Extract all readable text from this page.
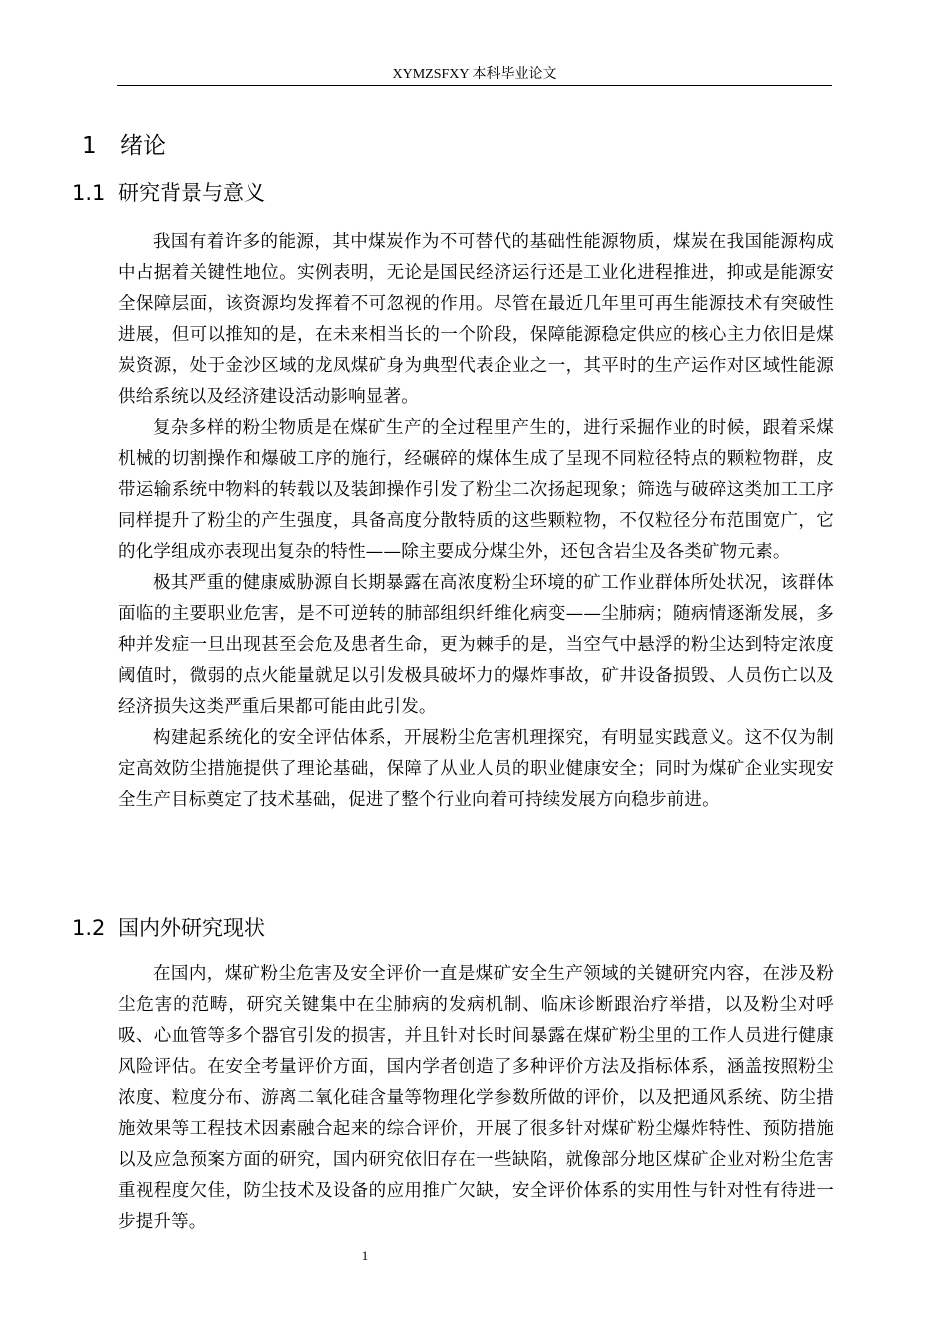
XYMZSFXY 本科毕业论文
1 绪论
1.1 研究背景与意义

我国有着许多的能源，其中煤炭作为不可替代的基础性能源物质，煤炭在我国能源构成中占据着关键性地位。实例表明，无论是国民经济运行还是工业化进程推进，抑或是能源安全保障层面，该资源均发挥着不可忽视的作用。尽管在最近几年里可再生能源技术有突破性进展，但可以推知的是，在未来相当长的一个阶段，保障能源稳定供应的核心主力依旧是煤炭资源，处于金沙区域的龙凤煤矿身为典型代表企业之一，其平时的生产运作对区域性能源供给系统以及经济建设活动影响显著。

复杂多样的粉尘物质是在煤矿生产的全过程里产生的，进行采掘作业的时候，跟着采煤机械的切割操作和爆破工序的施行，经碾碎的煤体生成了呈现不同粒径特点的颗粒物群，皮带运输系统中物料的转载以及装卸操作引发了粉尘二次扬起现象；筛选与破碎这类加工工序同样提升了粉尘的产生强度，具备高度分散特质的这些颗粒物，不仅粒径分布范围宽广，它的化学组成亦表现出复杂的特性——除主要成分煤尘外，还包含岩尘及各类矿物元素。

极其严重的健康威胁源自长期暴露在高浓度粉尘环境的矿工作业群体所处状况，该群体面临的主要职业危害，是不可逆转的肺部组织纤维化病变——尘肺病；随病情逐渐发展，多种并发症一旦出现甚至会危及患者生命，更为棘手的是，当空气中悬浮的粉尘达到特定浓度阈值时，微弱的点火能量就足以引发极具破坏力的爆炸事故，矿井设备损毁、人员伤亡以及经济损失这类严重后果都可能由此引发。

构建起系统化的安全评估体系，开展粉尘危害机理探究，有明显实践意义。这不仅为制定高效防尘措施提供了理论基础，保障了从业人员的职业健康安全；同时为煤矿企业实现安全生产目标奠定了技术基础，促进了整个行业向着可持续发展方向稳步前进。

1.2 国内外研究现状

在国内，煤矿粉尘危害及安全评价一直是煤矿安全生产领域的关键研究内容，在涉及粉尘危害的范畴，研究关键集中在尘肺病的发病机制、临床诊断跟治疗举措，以及粉尘对呼吸、心血管等多个器官引发的损害，并且针对长时间暴露在煤矿粉尘里的工作人员进行健康风险评估。在安全考量评价方面，国内学者创造了多种评价方法及指标体系，涵盖按照粉尘浓度、粒度分布、游离二氧化硅含量等物理化学参数所做的评价，以及把通风系统、防尘措施效果等工程技术因素融合起来的综合评价，开展了很多针对煤矿粉尘爆炸特性、预防措施以及应急预案方面的研究，国内研究依旧存在一些缺陷，就像部分地区煤矿企业对粉尘危害重视程度欠佳，防尘技术及设备的应用推广欠缺，安全评价体系的实用性与针对性有待进一步提升等。

1
